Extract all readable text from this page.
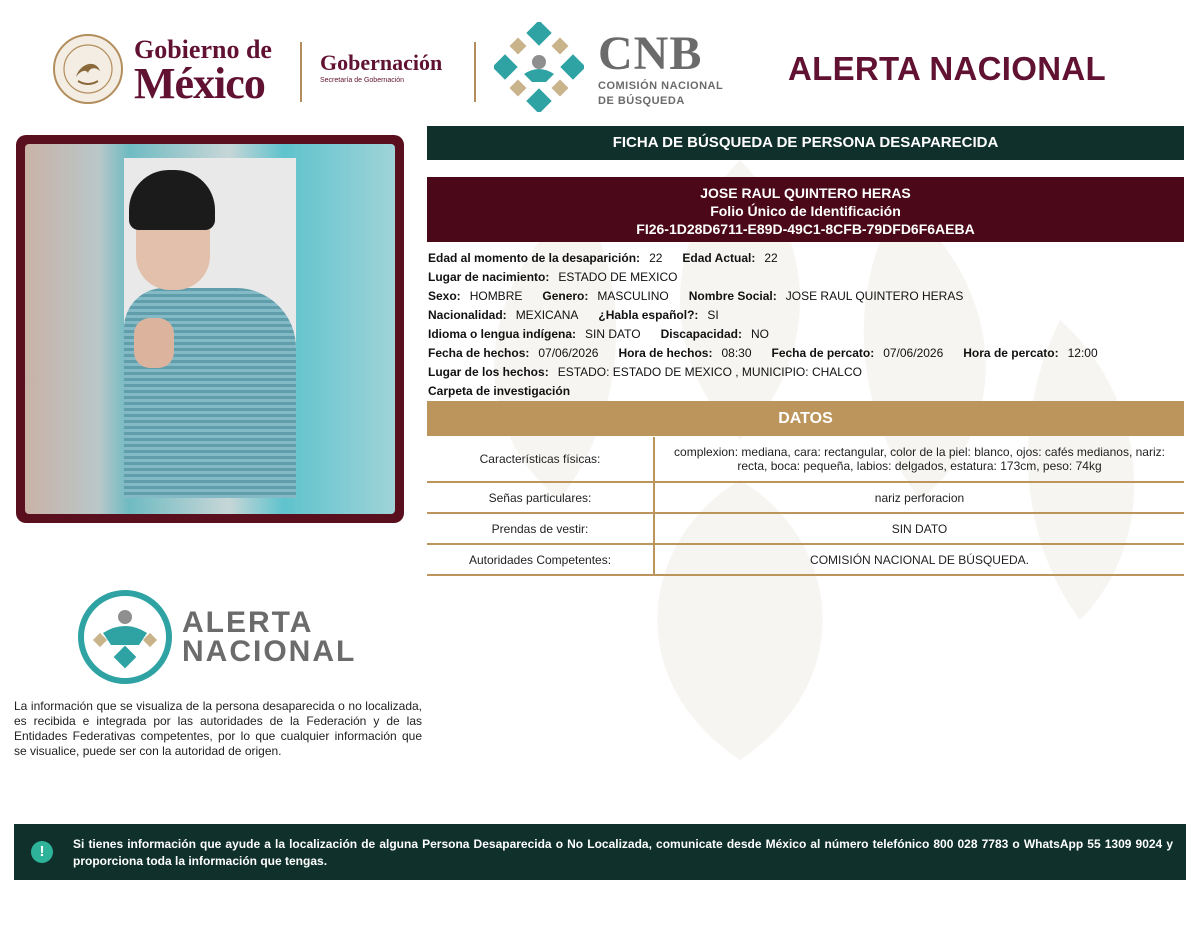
Gobierno de
México	Gobernación
Secretaría de Gobernación
CNB
COMISIÓN NACIONAL
DE BÚSQUEDA
ALERTA NACIONAL
FICHA DE BÚSQUEDA DE PERSONA DESAPARECIDA
JOSE RAUL QUINTERO HERAS
Folio Único de Identificación
FI26-1D28D6711-E89D-49C1-8CFB-79DFD6F6AEBA
Edad al momento de la desaparición: 22 Edad Actual: 22
Lugar de nacimiento: ESTADO DE MEXICO
Sexo: HOMBRE Genero: MASCULINO Nombre Social: JOSE RAUL QUINTERO HERAS
Nacionalidad: MEXICANA ¿Habla español?: SI
Idioma o lengua indígena: SIN DATO Discapacidad: NO
Fecha de hechos: 07/06/2026 Hora de hechos: 08:30 Fecha de percato: 07/06/2026 Hora de percato: 12:00
Lugar de los hechos: ESTADO: ESTADO DE MEXICO , MUNICIPIO: CHALCO
Carpeta de investigación
DATOS
Características físicas:	complexion: mediana, cara: rectangular, color de la piel: blanco, ojos: cafés medianos, nariz: recta, boca: pequeña, labios: delgados, estatura: 173cm, peso: 74kg
Señas particulares:	nariz perforacion
Prendas de vestir:	SIN DATO
Autoridades Competentes:	COMISIÓN NACIONAL DE BÚSQUEDA.
ALERTA
NACIONAL
La información que se visualiza de la persona desaparecida o no localizada, es recibida e integrada por las autoridades de la Federación y de las Entidades Federativas competentes, por lo que cualquier información que se visualice, puede ser con la autoridad de origen.
!	Si tienes información que ayude a la localización de alguna Persona Desaparecida o No Localizada, comunicate desde México al número telefónico 800 028 7783 o WhatsApp 55 1309 9024 y proporciona toda la información que tengas.
